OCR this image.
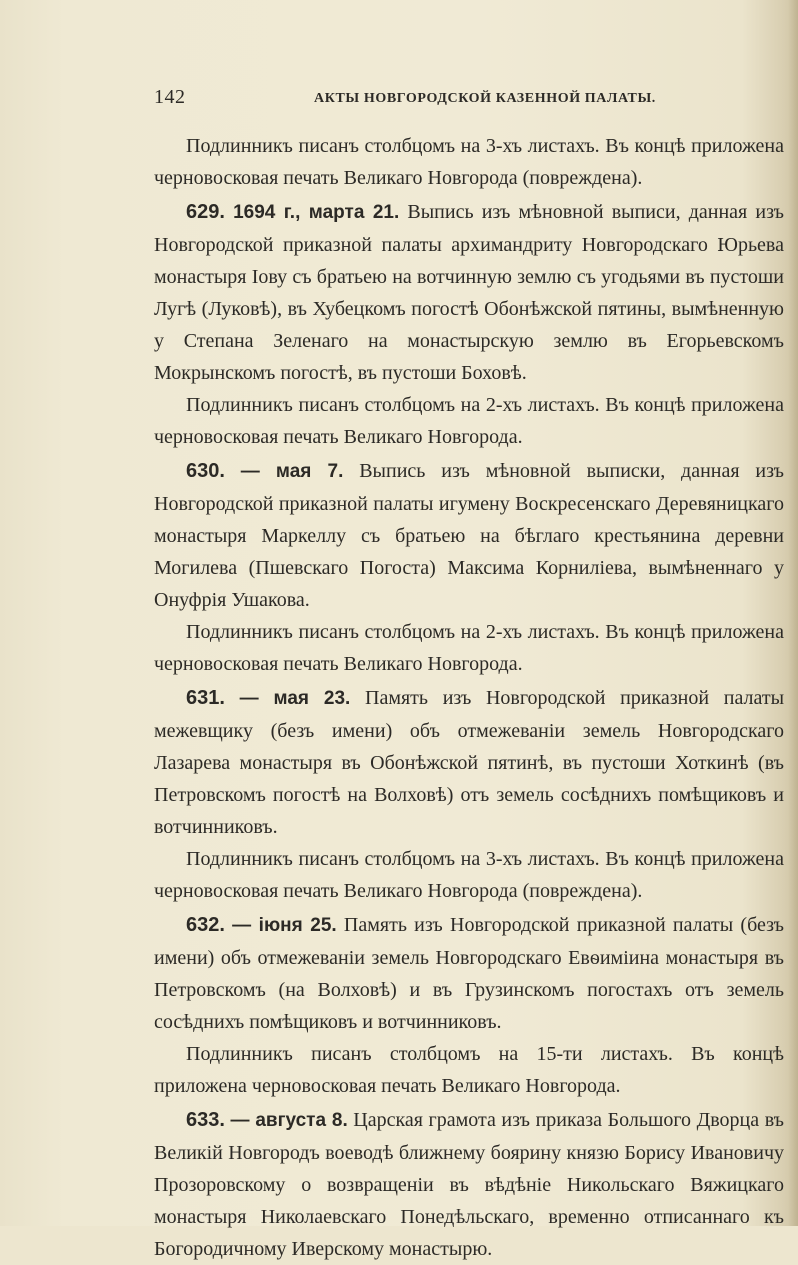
142	АКТЫ НОВГОРОДСКОЙ КАЗЕННОЙ ПАЛАТЫ.

Подлинникъ писанъ столбцомъ на 3-хъ листахъ. Въ концѣ приложена черновосковая печать Великаго Новгорода (повреждена).

629. 1694 г., марта 21. Выпись изъ мѣновной выписи, данная изъ Новгородской приказной палаты архимандриту Новгородскаго Юрьева монастыря Іову съ братьею на вотчинную землю съ угодьями въ пустоши Лугѣ (Луковѣ), въ Хубецкомъ погостѣ Обонѣжской пятины, вымѣненную у Степана Зеленаго на монастырскую землю въ Егорьевскомъ Мокрынскомъ погостѣ, въ пустоши Боховѣ.

Подлинникъ писанъ столбцомъ на 2-хъ листахъ. Въ концѣ приложена черновосковая печать Великаго Новгорода.

630. — мая 7. Выпись изъ мѣновной выписки, данная изъ Новгородской приказной палаты игумену Воскресенскаго Деревяницкаго монастыря Маркеллу съ братьею на бѣглаго крестьянина деревни Могилева (Пшевскаго Погоста) Максима Корниліева, вымѣненнаго у Онуфрія Ушакова.

Подлинникъ писанъ столбцомъ на 2-хъ листахъ. Въ концѣ приложена черновосковая печать Великаго Новгорода.

631. — мая 23. Память изъ Новгородской приказной палаты межевщику (безъ имени) объ отмежеваніи земель Новгородскаго Лазарева монастыря въ Обонѣжской пятинѣ, въ пустоши Хоткинѣ (въ Петровскомъ погостѣ на Волховѣ) отъ земель сосѣднихъ помѣщиковъ и вотчинниковъ.

Подлинникъ писанъ столбцомъ на 3-хъ листахъ. Въ концѣ приложена черновосковая печать Великаго Новгорода (повреждена).

632. — іюня 25. Память изъ Новгородской приказной палаты (безъ имени) объ отмежеваніи земель Новгородскаго Евѳиміина монастыря въ Петровскомъ (на Волховѣ) и въ Грузинскомъ погостахъ отъ земель сосѣднихъ помѣщиковъ и вотчинниковъ.

Подлинникъ писанъ столбцомъ на 15-ти листахъ. Въ концѣ приложена черновосковая печать Великаго Новгорода.

633. — августа 8. Царская грамота изъ приказа Большого Дворца въ Великій Новгородъ воеводѣ ближнему боярину князю Борису Ивановичу Прозоровскому о возвращеніи въ вѣдѣніе Никольскаго Вяжицкаго монастыря Николаевскаго Понедѣльскаго, временно отписаннаго къ Богородичному Иверскому монастырю.
